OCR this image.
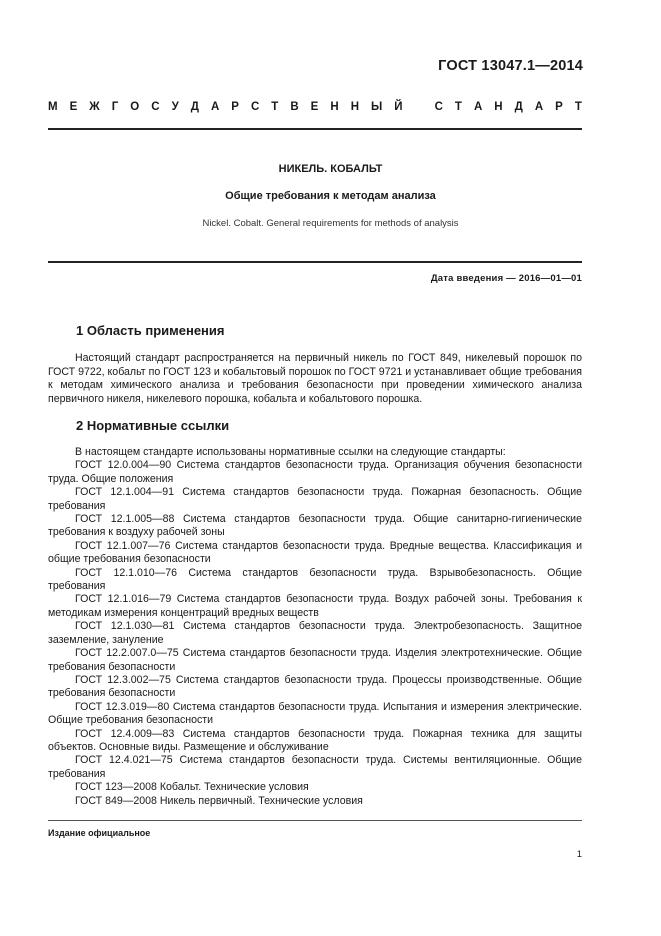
ГОСТ 13047.1—2014
М Е Ж Г О С У Д А Р С Т В Е Н Н Ы Й	С Т А Н Д А Р Т
НИКЕЛЬ. КОБАЛЬТ
Общие требования к методам анализа
Nickel. Cobalt. General requirements for methods of analysis
Дата введения — 2016—01—01
1 Область применения
Настоящий стандарт распространяется на первичный никель по ГОСТ 849, никелевый порошок по ГОСТ 9722, кобальт по ГОСТ 123 и кобальтовый порошок по ГОСТ 9721 и устанавливает общие требования к методам химического анализа и требования безопасности при проведении химического анализа первичного никеля, никелевого порошка, кобальта и кобальтового порошка.
2 Нормативные ссылки

В настоящем стандарте использованы нормативные ссылки на следующие стандарты:

ГОСТ 12.0.004—90 Система стандартов безопасности труда. Организация обучения безопасности труда. Общие положения

ГОСТ 12.1.004—91 Система стандартов безопасности труда. Пожарная безопасность. Общие требования

ГОСТ 12.1.005—88 Система стандартов безопасности труда. Общие санитарно-гигиенические требования к воздуху рабочей зоны

ГОСТ 12.1.007—76 Система стандартов безопасности труда. Вредные вещества. Классификация и общие требования безопасности

ГОСТ 12.1.010—76 Система стандартов безопасности труда. Взрывобезопасность. Общие требования

ГОСТ 12.1.016—79 Система стандартов безопасности труда. Воздух рабочей зоны. Требования к методикам измерения концентраций вредных веществ

ГОСТ 12.1.030—81 Система стандартов безопасности труда. Электробезопасность. Защитное заземление, зануление

ГОСТ 12.2.007.0—75 Система стандартов безопасности труда. Изделия электротехнические. Общие требования безопасности

ГОСТ 12.3.002—75 Система стандартов безопасности труда. Процессы производственные. Общие требования безопасности

ГОСТ 12.3.019—80 Система стандартов безопасности труда. Испытания и измерения электрические. Общие требования безопасности

ГОСТ 12.4.009—83 Система стандартов безопасности труда. Пожарная техника для защиты объектов. Основные виды. Размещение и обслуживание

ГОСТ 12.4.021—75 Система стандартов безопасности труда. Системы вентиляционные. Общие требования

ГОСТ 123—2008 Кобальт. Технические условия

ГОСТ 849—2008 Никель первичный. Технические условия

Издание официальное
1
